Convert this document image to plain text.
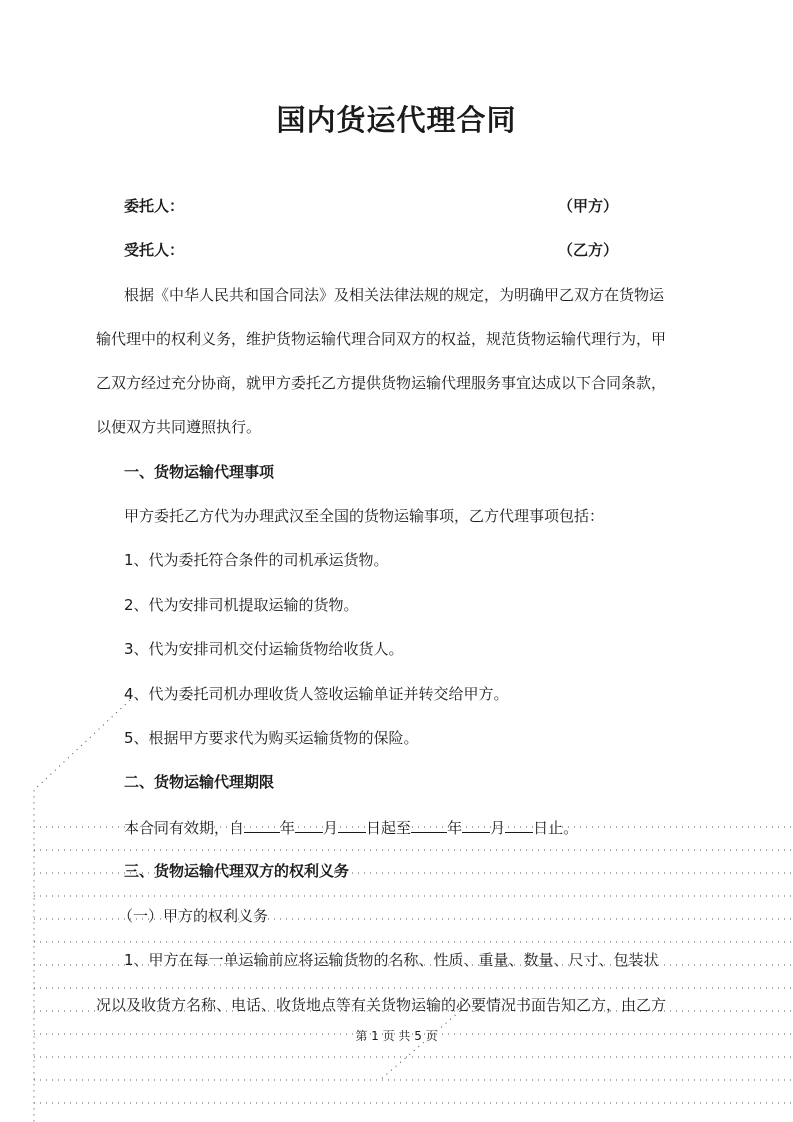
国内货运代理合同
委托人：	（甲方）
受托人：	（乙方）
根据《中华人民共和国合同法》及相关法律法规的规定，为明确甲乙双方在货物运
输代理中的权利义务，维护货物运输代理合同双方的权益，规范货物运输代理行为，甲
乙双方经过充分协商，就甲方委托乙方提供货物运输代理服务事宜达成以下合同条款，
以便双方共同遵照执行。
一、货物运输代理事项
甲方委托乙方代为办理武汉至全国的货物运输事项，乙方代理事项包括：
1、代为委托符合条件的司机承运货物。
2、代为安排司机提取运输的货物。
3、代为安排司机交付运输货物给收货人。
4、代为委托司机办理收货人签收运输单证并转交给甲方。
5、根据甲方要求代为购买运输货物的保险。
二、货物运输代理期限
本合同有效期，自 年 月 日起至 年 月 日止。
三、货物运输代理双方的权利义务
（一）甲方的权利义务
1、甲方在每一单运输前应将运输货物的名称、性质、重量、数量、尺寸、包装状
况以及收货方名称、电话、收货地点等有关货物运输的必要情况书面告知乙方，由乙方
第 1 页 共 5 页
